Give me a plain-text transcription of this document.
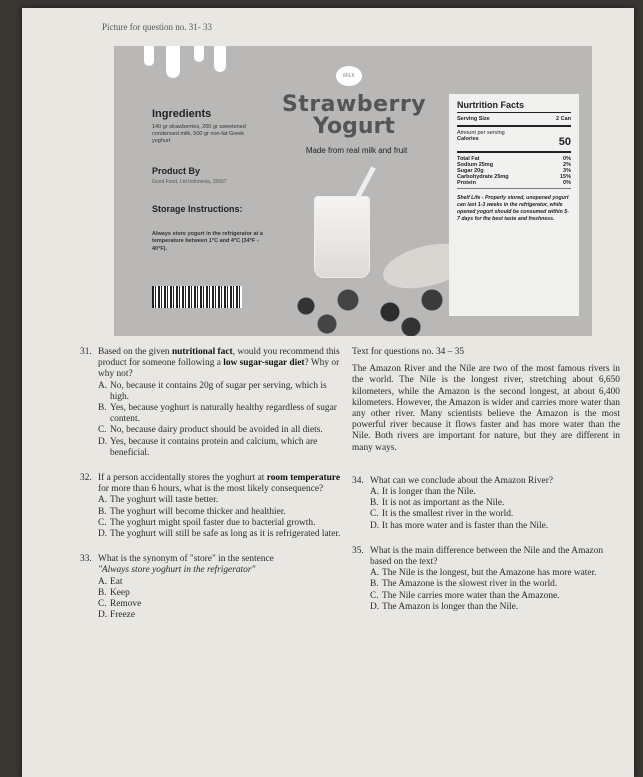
Picture for question no. 31- 33
Ingredients
140 gr strawberries, 200 gr sweetened condensed milk, 500 gr non-fat Greek yoghurt
Product By
Good Food, Ltd Indonesia, 15667
Storage Instructions:
Always store yogurt in the refrigerator at a temperature between 1°C and 4°C (34°F - 40°F).
MILK
Strawberry
Yogurt
Made from real milk and fruit
Nurtrition Facts
Serving Size	2 Can
Amount per serving
Calories	50
Total Fat	0%
Sodium 25mg	2%
Sugar 20g	3%
Carbohydrate 25mg	15%
Protein	0%
Shelf Life - Properly stored, unopened yogurt can last 1-3 weeks in the refrigerator, while opened yogurt should be consumed within 5-7 days for the best taste and freshness.
31. Based on the given nutritional fact, would you recommend this product for someone following a low sugar-sugar diet? Why or why not?
A. No, because it contains 20g of sugar per serving, which is high.
B. Yes, because yoghurt is naturally healthy regardless of sugar content.
C. No, because dairy product should be avoided in all diets.
D. Yes, because it contains protein and calcium, which are beneficial.
32. If a person accidentally stores the yoghurt at room temperature for more than 6 hours, what is the most likely consequence?
A. The yoghurt will taste better.
B. The yoghurt will become thicker and healthier.
C. The yoghurt might spoil faster due to bacterial growth.
D. The yoghurt will still be safe as long as it is refrigerated later.
33. What is the synonym of "store" in the sentence
"Always store yoghurt in the refrigerator"
A. Eat
B. Keep
C. Remove
D. Freeze
Text for questions no. 34 – 35
The Amazon River and the Nile are two of the most famous rivers in the world. The Nile is the longest river, stretching about 6,650 kilometers, while the Amazon is the second longest, at about 6,400 kilometers. However, the Amazon is wider and carries more water than any other river. Many scientists believe the Amazon is the most powerful river because it flows faster and has more water than the Nile. Both rivers are important for nature, but they are different in many ways.
34. What can we conclude about the Amazon River?
A. It is longer than the Nile.
B. It is not as important as the Nile.
C. It is the smallest river in the world.
D. It has more water and is faster than the Nile.
35. What is the main difference between the Nile and the Amazon based on the text?
A. The Nile is the longest, but the Amazone has more water.
B. The Amazone is the slowest river in the world.
C. The Nile carries more water than the Amazone.
D. The Amazon is longer than the Nile.
